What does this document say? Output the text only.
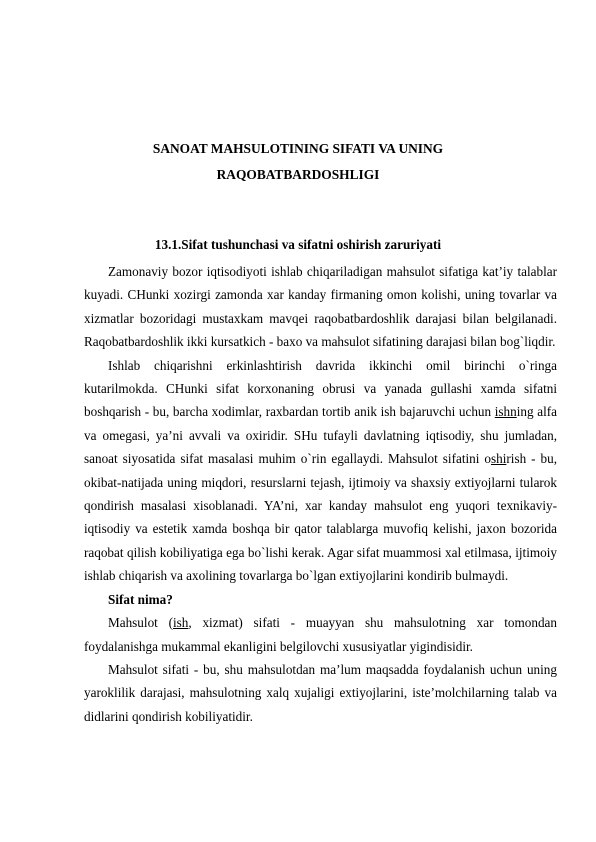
SANOAT MAHSULOTINING SIFATI VA UNING
RAQOBATBARDOSHLIGI
13.1.Sifat tushunchasi va sifatni oshirish zaruriyati

Zamonaviy bozor iqtisodiyoti ishlab chiqariladigan mahsulot sifatiga kat’iy talablar kuyadi. CHunki xozirgi zamonda xar kanday firmaning omon kolishi, uning tovarlar va xizmatlar bozoridagi mustaxkam mavqei raqobatbardoshlik darajasi bilan belgilanadi. Raqobatbardoshlik ikki kursatkich - baxo va mahsulot sifatining darajasi bilan bog`liqdir.

Ishlab chiqarishni erkinlashtirish davrida ikkinchi omil birinchi o`ringa kutarilmokda. CHunki sifat korxonaning obrusi va yanada gullashi xamda sifatni boshqarish - bu, barcha xodimlar, raxbardan tortib anik ish bajaruvchi uchun ishning alfa va omegasi, ya’ni avvali va oxiridir. SHu tufayli davlatning iqtisodiy, shu jumladan, sanoat siyosatida sifat masalasi muhim o`rin egallaydi. Mahsulot sifatini oshirish - bu, okibat-natijada uning miqdori, resurslarni tejash, ijtimoiy va shaxsiy extiyojlarni tularok qondirish masalasi xisoblanadi. YA’ni, xar kanday mahsulot eng yuqori texnikaviy-iqtisodiy va estetik xamda boshqa bir qator talablarga muvofiq kelishi, jaxon bozorida raqobat qilish kobiliyatiga ega bo`lishi kerak. Agar sifat muammosi xal etilmasa, ijtimoiy ishlab chiqarish va axolining tovarlarga bo`lgan extiyojlarini kondirib bulmaydi.

Sifat nima?

Mahsulot (ish, xizmat) sifati - muayyan shu mahsulotning xar tomondan foydalanishga mukammal ekanligini belgilovchi xususiyatlar yigindisidir.

Mahsulot sifati - bu, shu mahsulotdan ma’lum maqsadda foydalanish uchun uning yaroklilik darajasi, mahsulotning xalq xujaligi extiyojlarini, iste’molchilarning talab va didlarini qondirish kobiliyatidir.
